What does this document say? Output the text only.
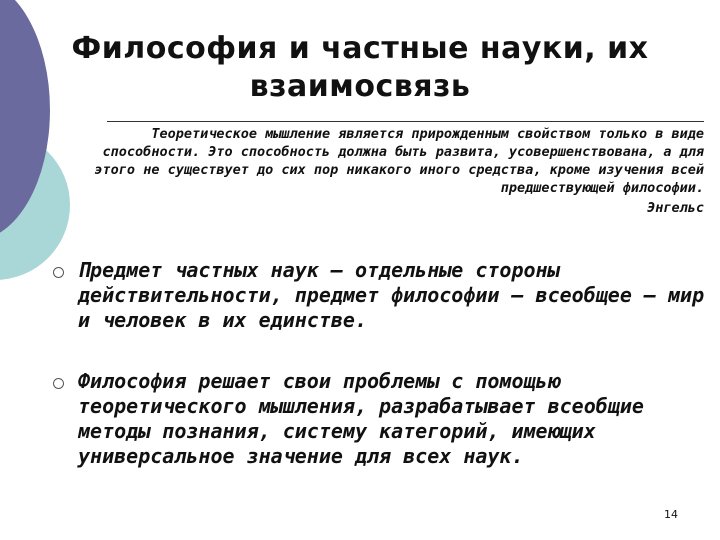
Философия и частные науки, их взаимосвязь

Теоретическое мышление является прирожденным свойством только в виде способности. Это способность должна быть развита, усовершенствована, а для этого не существует до сих пор никакого иного средства, кроме изучения всей предшествующей философии.

Энгельс

Предмет частных наук — отдельные стороны действительности, предмет философии — всеобщее — мир и человек в их единстве.
Философия решает свои проблемы с помощью теоретического мышления, разрабатывает всеобщие методы познания, систему категорий, имеющих универсальное значение для всех наук.
14
